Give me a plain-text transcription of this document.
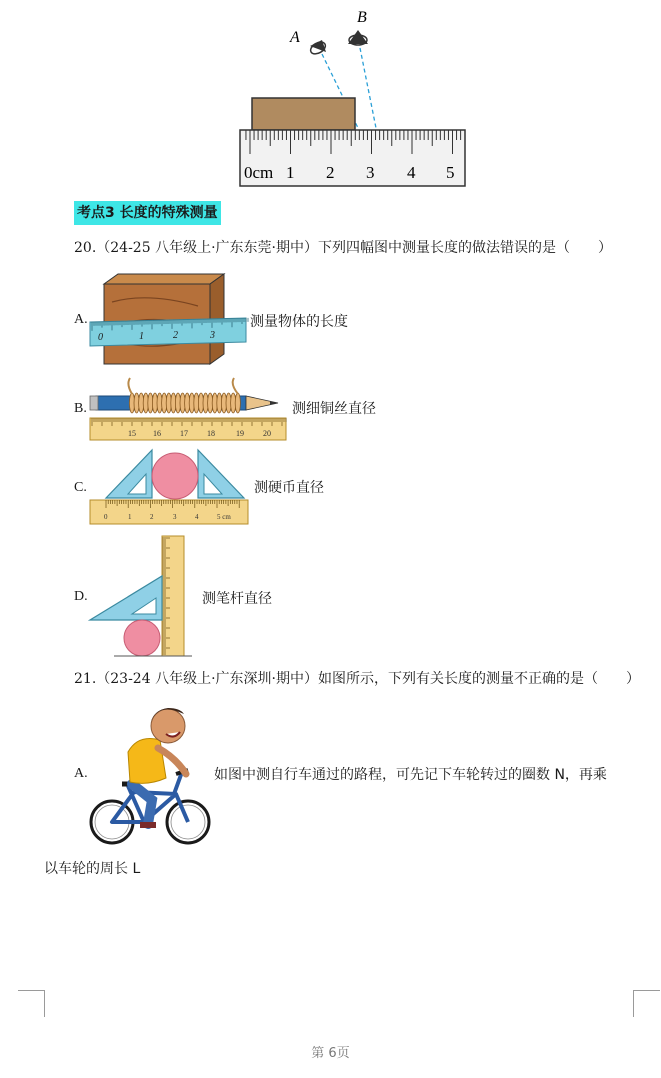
A
B
0cm 1 2 3 4 5
考点3 长度的特殊测量
20.（24-25 八年级上·广东东莞·期中）下列四幅图中测量长度的做法错误的是（　　）
A.
0	1	2	3
测量物体的长度
B.
15 16 17 18	19 20
测细铜丝直径
C.
0	1	2	3	4	5 cm
测硬币直径
D.	测笔杆直径
21.（23-24 八年级上·广东深圳·期中）如图所示，下列有关长度的测量不正确的是（　　）
A.	如图中测自行车通过的路程，可先记下车轮转过的圈数 N，再乘
以车轮的周长 L
第 6页
